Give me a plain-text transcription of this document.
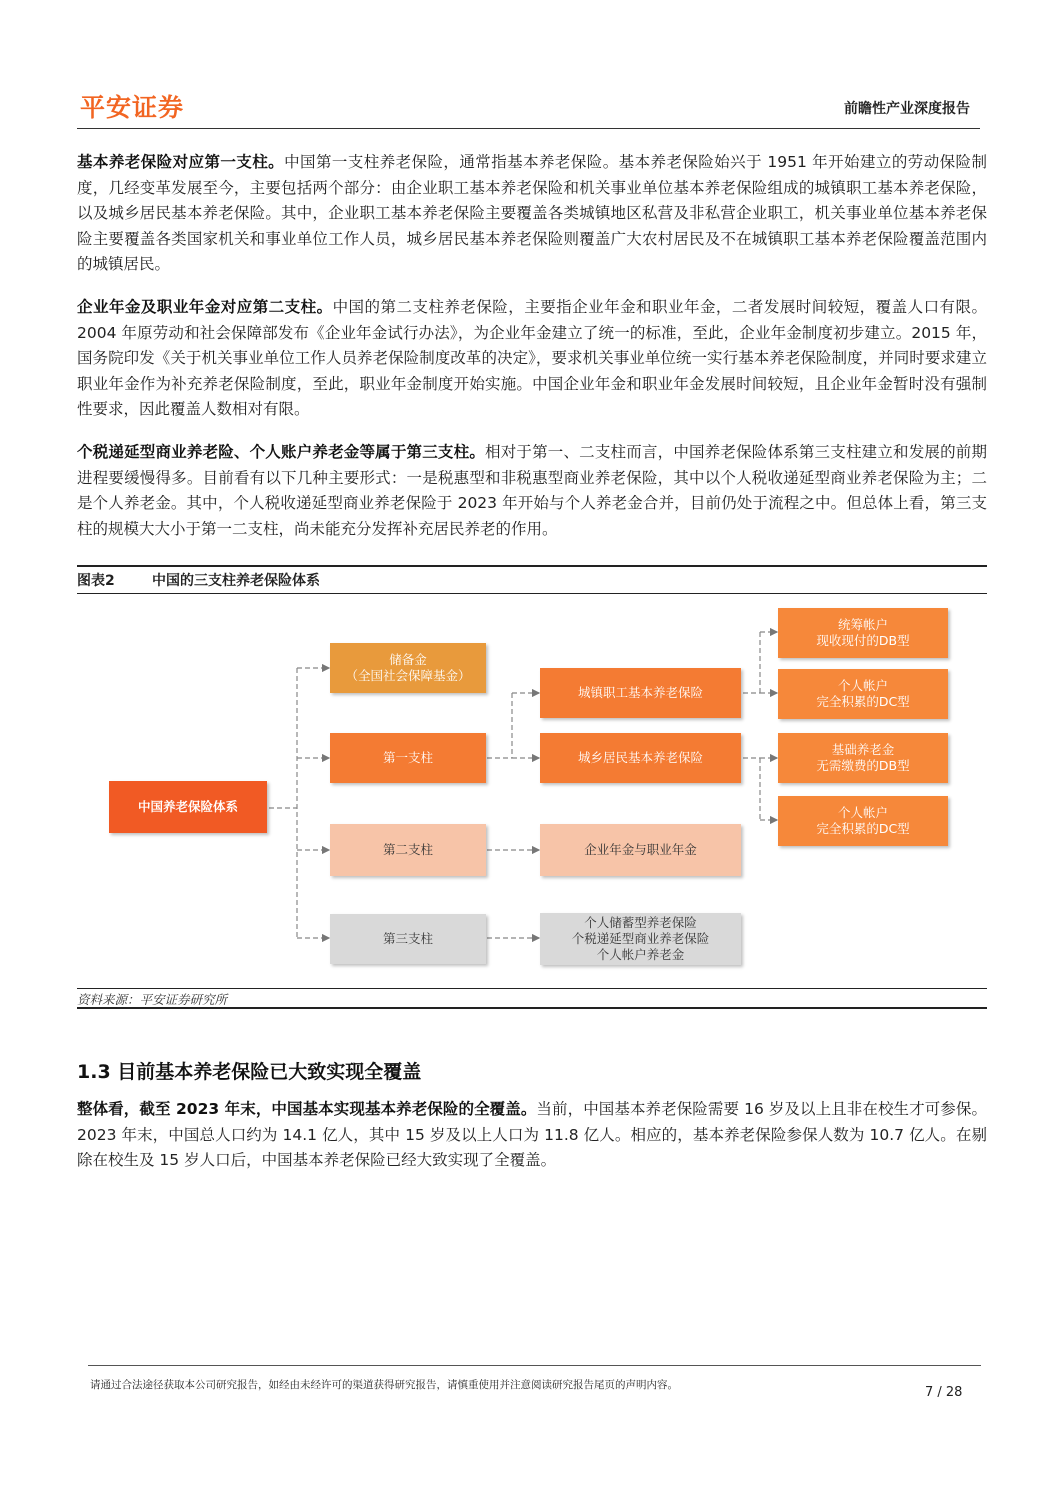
平安证券	前瞻性产业深度报告

基本养老保险对应第一支柱。中国第一支柱养老保险，通常指基本养老保险。基本养老保险始兴于 1951 年开始建立的劳动保险制度，几经变革发展至今，主要包括两个部分：由企业职工基本养老保险和机关事业单位基本养老保险组成的城镇职工基本养老保险，以及城乡居民基本养老保险。其中，企业职工基本养老保险主要覆盖各类城镇地区私营及非私营企业职工，机关事业单位基本养老保险主要覆盖各类国家机关和事业单位工作人员，城乡居民基本养老保险则覆盖广大农村居民及不在城镇职工基本养老保险覆盖范围内的城镇居民。

企业年金及职业年金对应第二支柱。中国的第二支柱养老保险，主要指企业年金和职业年金，二者发展时间较短，覆盖人口有限。2004 年原劳动和社会保障部发布《企业年金试行办法》，为企业年金建立了统一的标准，至此，企业年金制度初步建立。2015 年，国务院印发《关于机关事业单位工作人员养老保险制度改革的决定》，要求机关事业单位统一实行基本养老保险制度，并同时要求建立职业年金作为补充养老保险制度，至此，职业年金制度开始实施。中国企业年金和职业年金发展时间较短，且企业年金暂时没有强制性要求，因此覆盖人数相对有限。

个税递延型商业养老险、个人账户养老金等属于第三支柱。相对于第一、二支柱而言，中国养老保险体系第三支柱建立和发展的前期进程要缓慢得多。目前看有以下几种主要形式：一是税惠型和非税惠型商业养老保险，其中以个人税收递延型商业养老保险为主；二是个人养老金。其中，个人税收递延型商业养老保险于 2023 年开始与个人养老金合并，目前仍处于流程之中。但总体上看，第三支柱的规模大大小于第一二支柱，尚未能充分发挥补充居民养老的作用。

图表2	中国的三支柱养老保险体系
中国养老保险体系
储备金
（全国社会保障基金）
第一支柱
第二支柱
第三支柱
城镇职工基本养老保险
城乡居民基本养老保险
企业年金与职业年金
个人储蓄型养老保险
个税递延型商业养老保险
个人帐户养老金
统筹帐户
现收现付的DB型
个人帐户
完全积累的DC型
基础养老金
无需缴费的DB型
个人帐户
完全积累的DC型
资料来源：平安证券研究所
1.3 目前基本养老保险已大致实现全覆盖

整体看，截至 2023 年末，中国基本实现基本养老保险的全覆盖。当前，中国基本养老保险需要 16 岁及以上且非在校生才可参保。2023 年末，中国总人口约为 14.1 亿人，其中 15 岁及以上人口为 11.8 亿人。相应的，基本养老保险参保人数为 10.7 亿人。在剔除在校生及 15 岁人口后，中国基本养老保险已经大致实现了全覆盖。

请通过合法途径获取本公司研究报告，如经由未经许可的渠道获得研究报告，请慎重使用并注意阅读研究报告尾页的声明内容。	7 / 28
